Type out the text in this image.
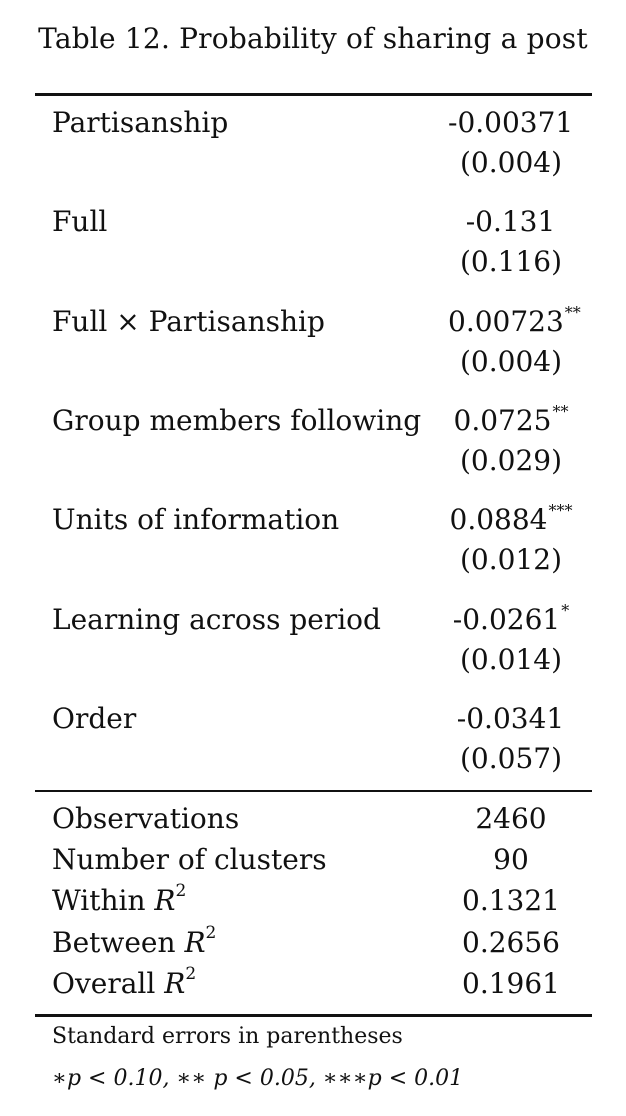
Table 12. Probability of sharing a post
Partisanship	-0.00371
(0.004)
Full	-0.131
(0.116)
Full × Partisanship	0.00723**
(0.004)
Group members following 0.0725**
(0.029)
Units of information	0.0884***
(0.012)
Learning across period	-0.0261*
(0.014)
Order	-0.0341
(0.057)
Observations	2460
Number of clusters	90
Within $R^2$	0.1321
Between $R^2$	0.2656
Overall $R^2$	0.1961
Standard errors in parentheses
∗p < 0.10, ∗∗ p < 0.05, ∗∗∗p < 0.01
